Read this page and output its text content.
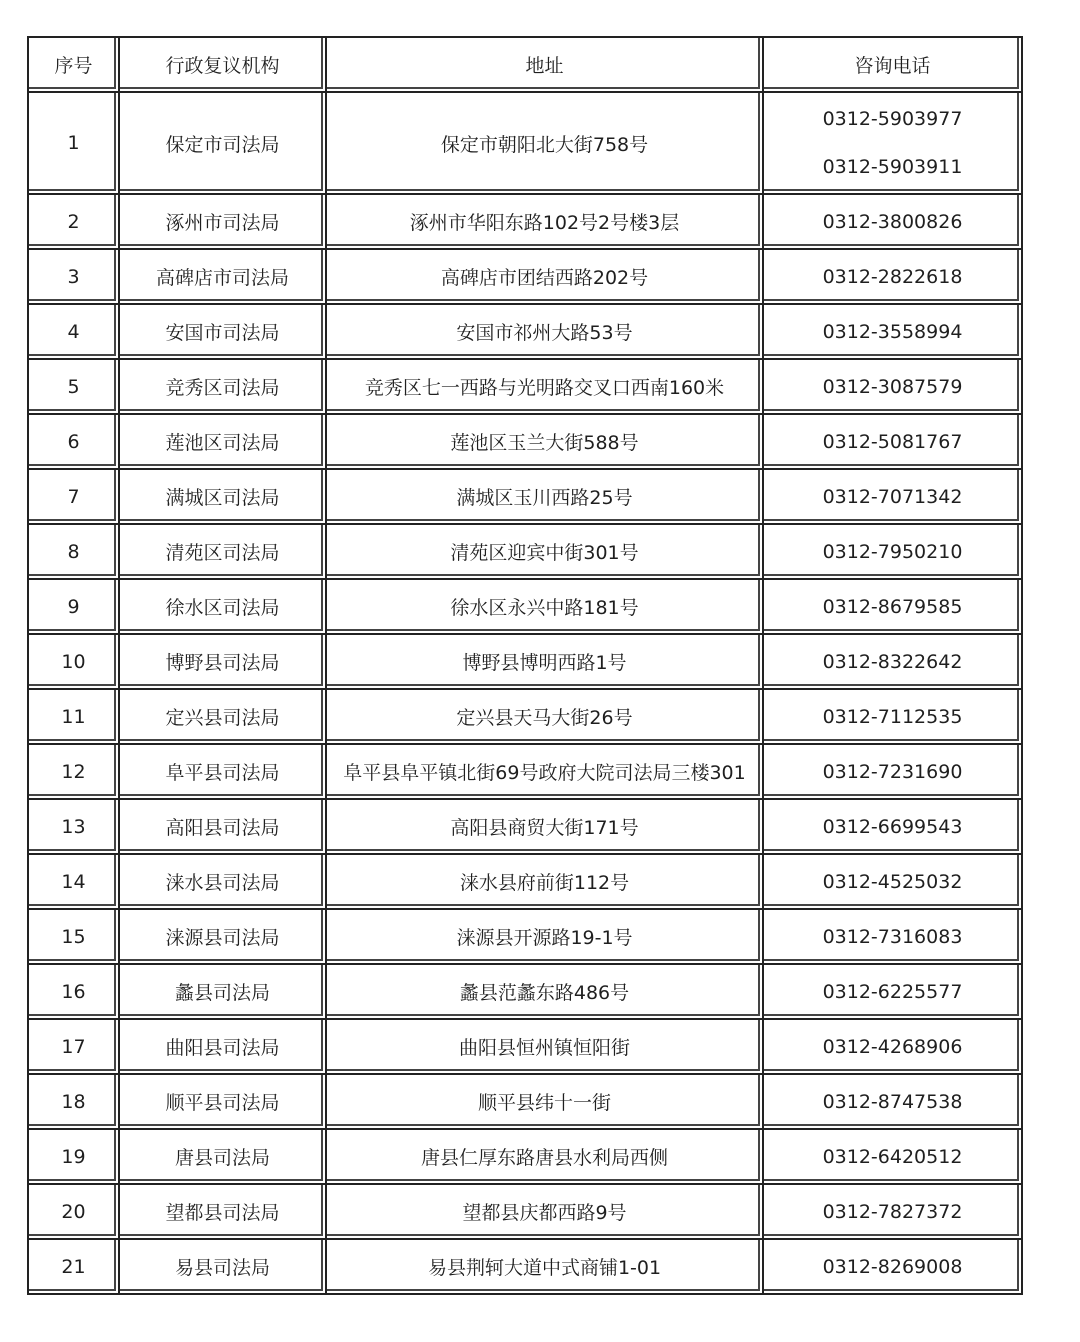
序号	行政复议机构	地址	咨询电话
1	保定市司法局	保定市朝阳北大街758号	0312-5903977
0312-5903911

2	涿州市司法局	涿州市华阳东路102号2号楼3层	0312-3800826

3	高碑店市司法局	高碑店市团结西路202号	0312-2822618

4	安国市司法局	安国市祁州大路53号	0312-3558994

5	竞秀区司法局	竞秀区七一西路与光明路交叉口西南160米	0312-3087579

6	莲池区司法局	莲池区玉兰大街588号	0312-5081767

7	满城区司法局	满城区玉川西路25号	0312-7071342

8	清苑区司法局	清苑区迎宾中街301号	0312-7950210

9	徐水区司法局	徐水区永兴中路181号	0312-8679585

10	博野县司法局	博野县博明西路1号	0312-8322642

11	定兴县司法局	定兴县天马大街26号	0312-7112535

12	阜平县司法局	阜平县阜平镇北街69号政府大院司法局三楼301	0312-7231690

13	高阳县司法局	高阳县商贸大街171号	0312-6699543

14	涞水县司法局	涞水县府前街112号	0312-4525032

15	涞源县司法局	涞源县开源路19-1号	0312-7316083

16	蠡县司法局	蠡县范蠡东路486号	0312-6225577

17	曲阳县司法局	曲阳县恒州镇恒阳街	0312-4268906

18	顺平县司法局	顺平县纬十一街	0312-8747538

19	唐县司法局	唐县仁厚东路唐县水利局西侧	0312-6420512

20	望都县司法局	望都县庆都西路9号	0312-7827372

21	易县司法局	易县荆轲大道中式商铺1-01	0312-8269008
